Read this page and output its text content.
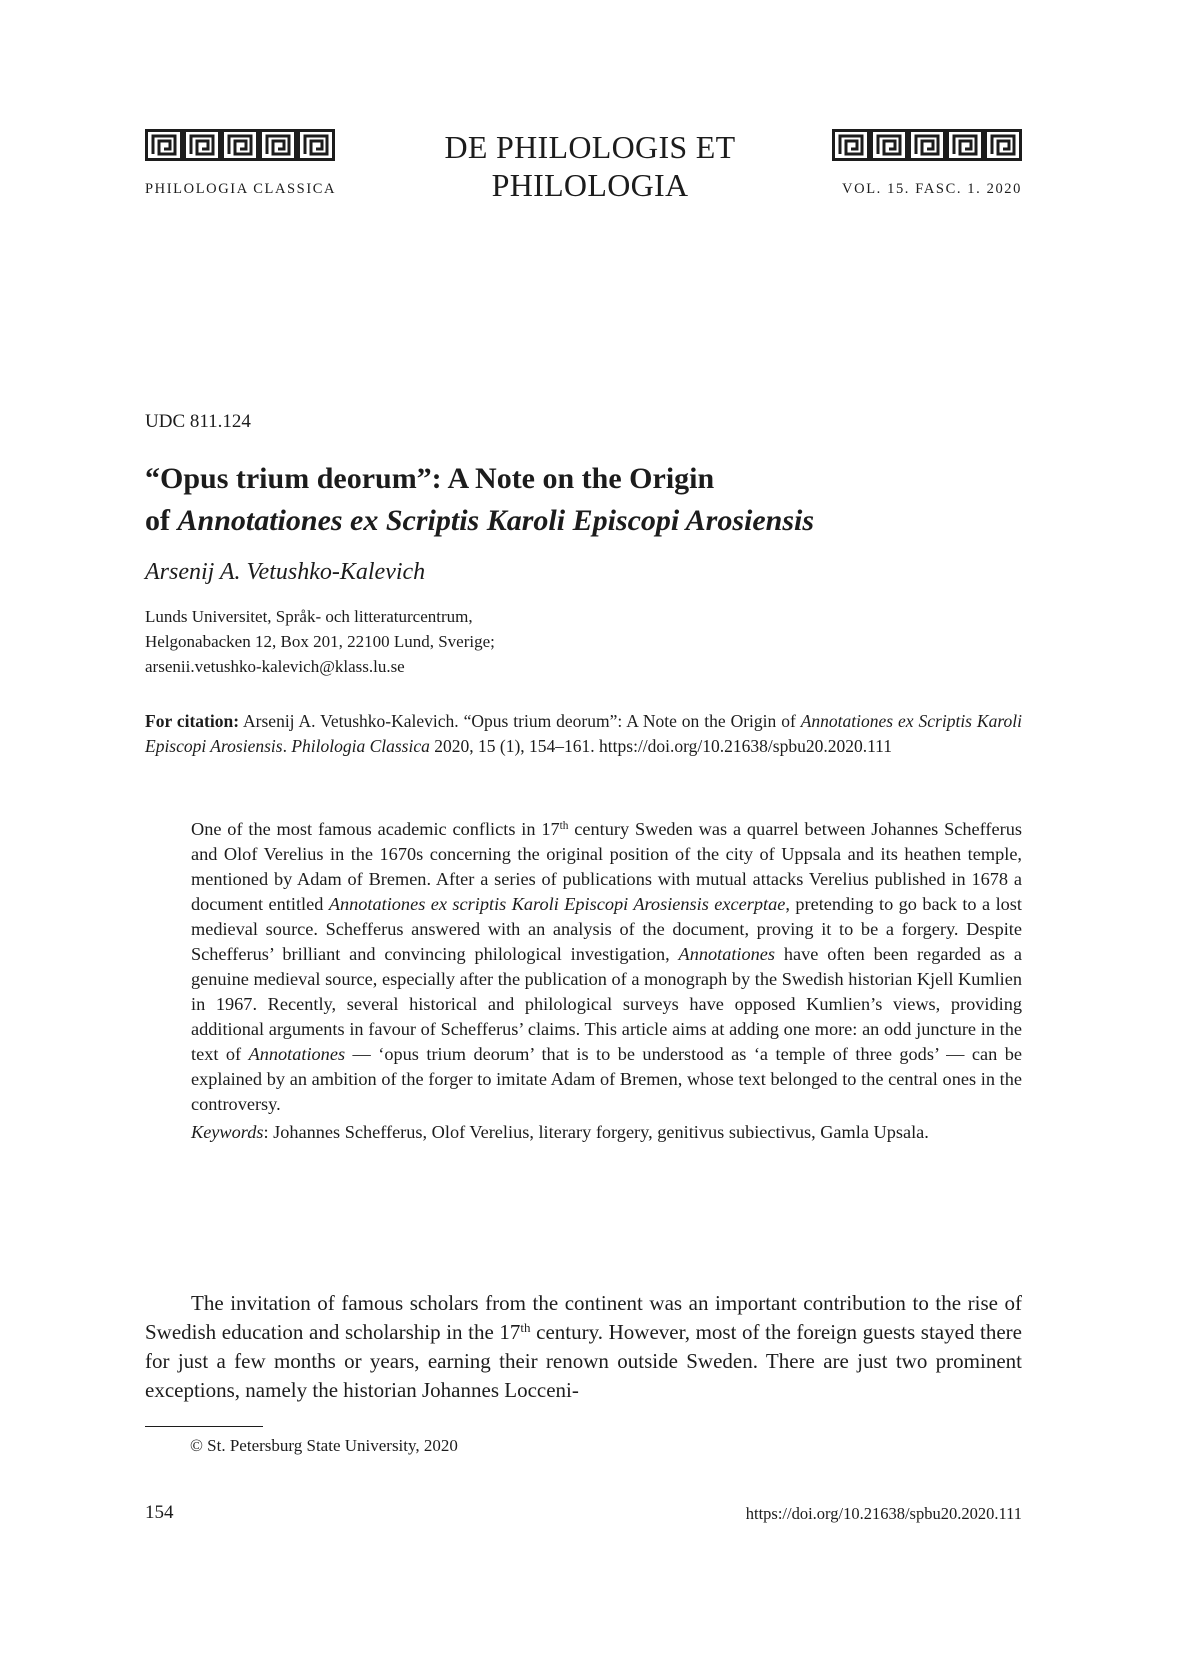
PHILOLOGIA CLASSICA
DE PHILOLOGIS ET
PHILOLOGIA	VOL. 15. FASC. 1. 2020
UDC 811.124
“Opus trium deorum”: A Note on the Origin
of Annotationes ex Scriptis Karoli Episcopi Arosiensis
Arsenij A. Vetushko-Kalevich
Lunds Universitet, Språk- och litteraturcentrum,
Helgonabacken 12, Box 201, 22100 Lund, Sverige;
arsenii.vetushko-kalevich@klass.lu.se
For citation: Arsenij A. Vetushko-Kalevich. “Opus trium deorum”: A Note on the Origin of Annotationes ex Scriptis Karoli Episcopi Arosiensis. Philologia Classica 2020, 15 (1), 154–161. https://doi.org/10.21638/spbu20.2020.111

One of the most famous academic conflicts in 17th century Sweden was a quarrel between Johannes Schefferus and Olof Verelius in the 1670s concerning the original position of the city of Uppsala and its heathen temple, mentioned by Adam of Bremen. After a series of publications with mutual attacks Verelius published in 1678 a document entitled Annotationes ex scriptis Karoli Episcopi Arosiensis excerptae, pretending to go back to a lost medieval source. Schefferus answered with an analysis of the document, proving it to be a forgery. Despite Schefferus’ brilliant and convincing philological investigation, Annotationes have often been regarded as a genuine medieval source, especially after the publication of a monograph by the Swedish historian Kjell Kumlien in 1967. Recently, several historical and philological surveys have opposed Kumlien’s views, providing additional arguments in favour of Schefferus’ claims. This article aims at adding one more: an odd juncture in the text of Annotationes — ‘opus trium deorum’ that is to be understood as ‘a temple of three gods’ — can be explained by an ambition of the forger to imitate Adam of Bremen, whose text belonged to the central ones in the controversy.

Keywords: Johannes Schefferus, Olof Verelius, literary forgery, genitivus subiectivus, Gamla Upsala.

The invitation of famous scholars from the continent was an important contribution to the rise of Swedish education and scholarship in the 17th century. However, most of the foreign guests stayed there for just a few months or years, earning their renown outside Sweden. There are just two prominent exceptions, namely the historian Johannes Locceni-

© St. Petersburg State University, 2020
154	https://doi.org/10.21638/spbu20.2020.111
